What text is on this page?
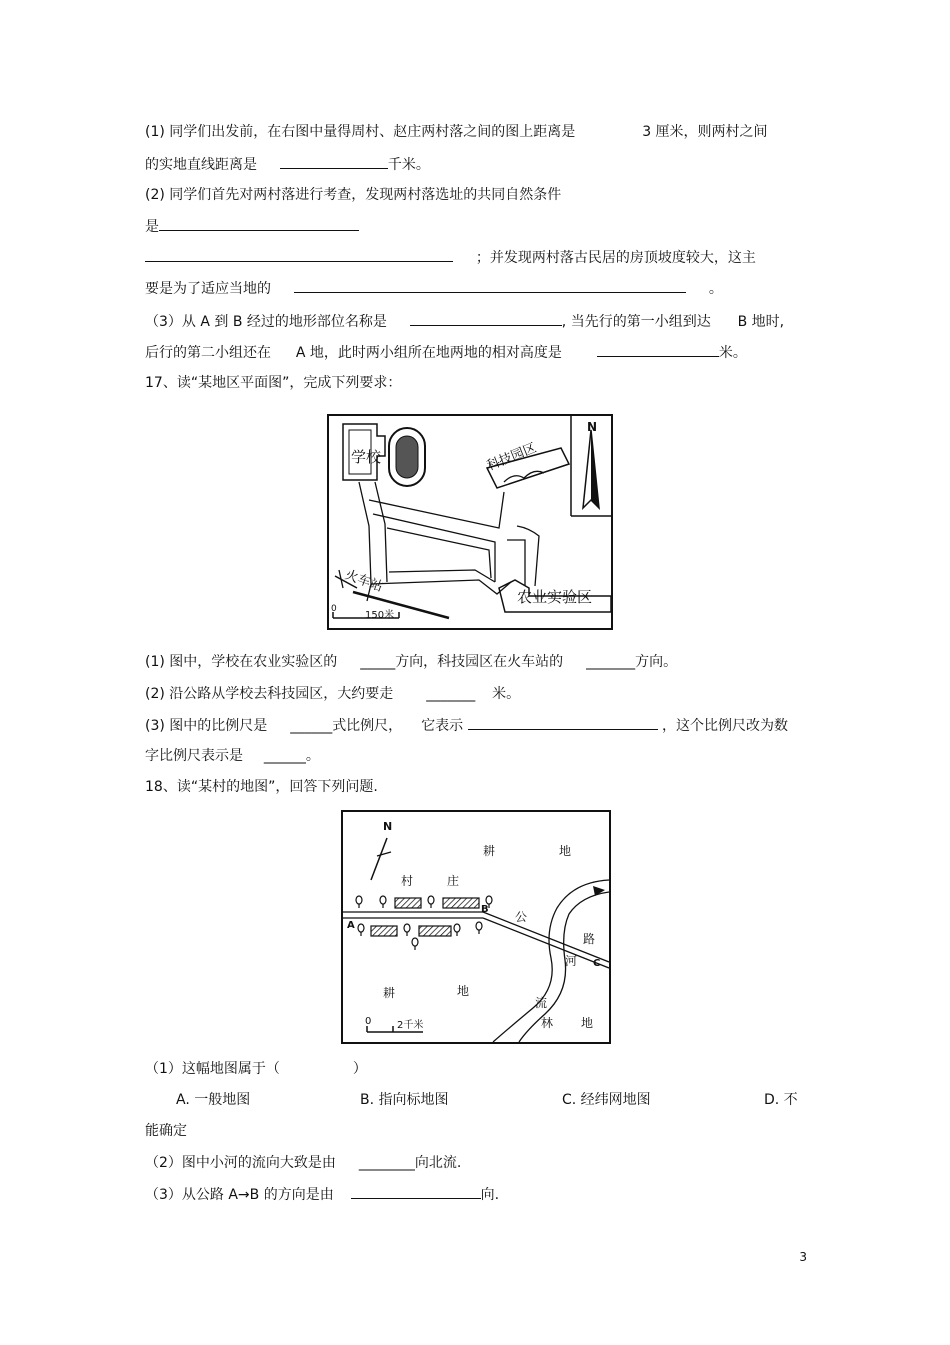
(1) 同学们出发前，在右图中量得周村、赵庄两村落之间的图上距离是	3 厘米，则两村之间
的实地直线距离是	千米。
(2) 同学们首先对两村落进行考查，发现两村落选址的共同自然条件
是
；并发现两村落古民居的房顶坡度较大，这主
要是为了适应当地的	。
（3）从 A 到 B 经过的地形部位名称是	, 当先行的第一小组到达 B 地时,
后行的第二小组还在 A 地，此时两小组所在地两地的相对高度是	米。
17、读“某地区平面图”，完成下列要求：
N
学校	科技园区
火车站
农业实验区
0
150米
(1) 图中，学校在农业实验区的 _____方向，科技园区在火车站的 _______方向。
(2) 沿公路从学校去科技园区，大约要走 _______ 米。
(3) 图中的比例尺是 ______式比例尺， 它表示	，这个比例尺改为数
字比例尺表示是 ______。
18、读“某村的地图”，回答下列问题.
N
村	庄
耕	地
耕	地
公
路
河
流
林 地
A
B
C
0	2千米
（1）这幅地图属于（	）
A. 一般地图	B. 指向标地图	C. 经纬网地图	D. 不
能确定
（2）图中小河的流向大致是由 ________向北流.
（3）从公路 A→B 的方向是由	向.
3
